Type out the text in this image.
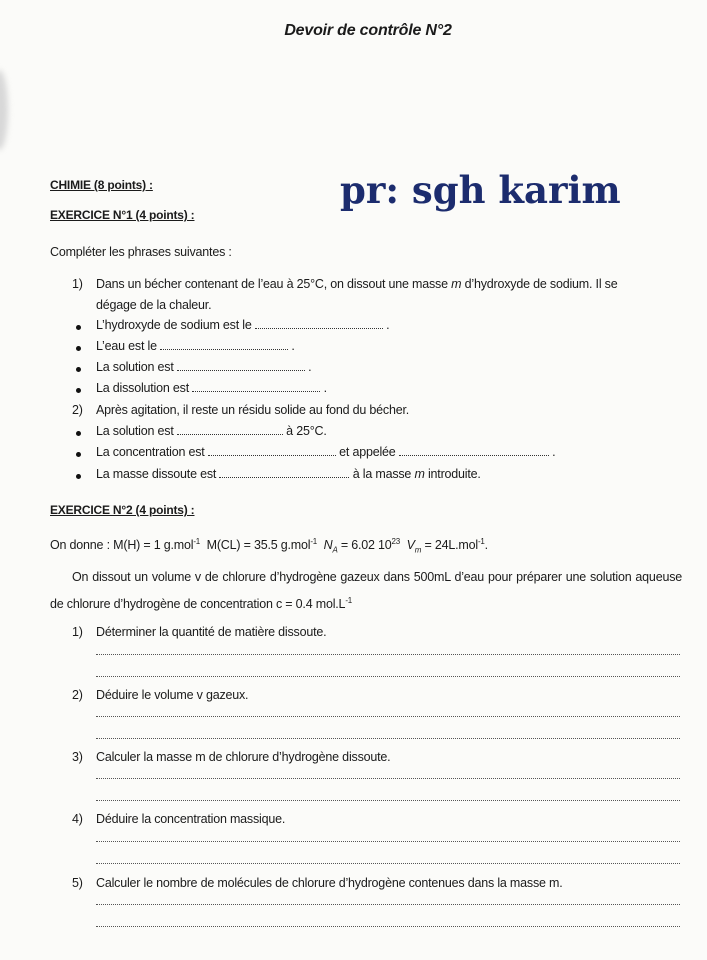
Devoir de contrôle N°2
CHIMIE (8 points) :	pr: sgh karim
EXERCICE N°1 (4 points) :
Compléter les phrases suivantes :
1) Dans un bécher contenant de l’eau à 25°C, on dissout une masse m d’hydroxyde de sodium. Il se
dégage de la chaleur.
L’hydroxyde de sodium est le	.
L’eau est le	.
La solution est	.
La dissolution est	.
2) Après agitation, il reste un résidu solide au fond du bécher.
La solution est	à 25°C.
La concentration est	et appelée	.
La masse dissoute est	à la masse m introduite.
EXERCICE N°2 (4 points) :
On donne : M(H) = 1 g.mol$^{-1}$ M(CL) = 35.5 g.mol$^{-1}$ $N_A = 6.02$ $10^{23}$ $V_m = 24L.mol^{-1}$.
On dissout un volume v de chlorure d’hydrogène gazeux dans 500mL d’eau pour préparer une solution aqueuse de chlorure d’hydrogène de concentration c = 0.4 $mol.L^{-1}$
1) Déterminer la quantité de matière dissoute.
2) Déduire le volume v gazeux.
3) Calculer la masse m de chlorure d’hydrogène dissoute.
4) Déduire la concentration massique.
5) Calculer le nombre de molécules de chlorure d’hydrogène contenues dans la masse m.
